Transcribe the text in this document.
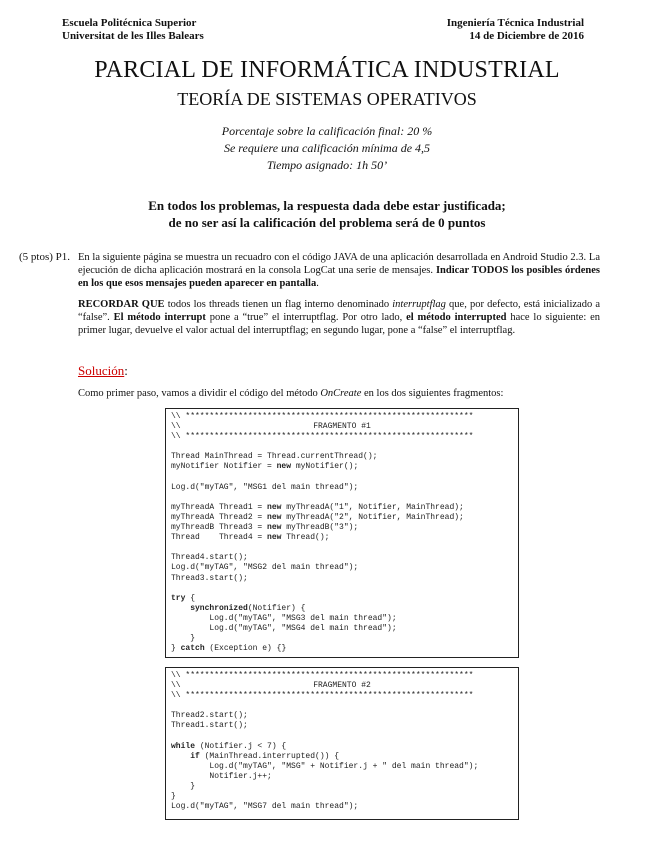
Escuela Politécnica Superior
Universitat de les Illes Balears
Ingeniería Técnica Industrial
14 de Diciembre de 2016
PARCIAL DE INFORMÁTICA INDUSTRIAL
TEORÍA DE SISTEMAS OPERATIVOS
Porcentaje sobre la calificación final: 20 %
Se requiere una calificación mínima de 4,5
Tiempo asignado: 1h 50’
En todos los problemas, la respuesta dada debe estar justificada;
de no ser así la calificación del problema será de 0 puntos
(5 ptos) P1. En la siguiente página se muestra un recuadro con el código JAVA de una aplicación desarrollada en Android Studio 2.3. La ejecución de dicha aplicación mostrará en la consola LogCat una serie de mensajes. Indicar TODOS los posibles órdenes en los que esos mensajes pueden aparecer en pantalla.
RECORDAR QUE todos los threads tienen un flag interno denominado interruptflag que, por defecto, está inicializado a “false”. El método interrupt pone a “true” el interruptflag. Por otro lado, el método interrupted hace lo siguiente: en primer lugar, devuelve el valor actual del interruptflag; en segundo lugar, pone a “false” el interruptflag.
Solución:
Como primer paso, vamos a dividir el código del método OnCreate en los dos siguientes fragmentos:
\\ ************************************************************
\\	FRAGMENTO #1
\\ ************************************************************
Thread MainThread = Thread.currentThread();
myNotifier Notifier = new myNotifier();
Log.d("myTAG", "MSG1 del main thread");
myThreadA Thread1 = new myThreadA("1", Notifier, MainThread);
myThreadA Thread2 = new myThreadA("2", Notifier, MainThread);
myThreadB Thread3 = new myThreadB("3");
Thread    Thread4 = new Thread();
Thread4.start();
Log.d("myTAG", "MSG2 del main thread");
Thread3.start();
try {
synchronized(Notifier) {
Log.d("myTAG", "MSG3 del main thread");
Log.d("myTAG", "MSG4 del main thread");
}
} catch (Exception e) {}
\\ ************************************************************
\\	FRAGMENTO #2
\\ ************************************************************
Thread2.start();
Thread1.start();
while (Notifier.j < 7) {
if (MainThread.interrupted()) {
Log.d("myTAG", "MSG" + Notifier.j + " del main thread");
Notifier.j++;
}
}
Log.d("myTAG", "MSG7 del main thread");
